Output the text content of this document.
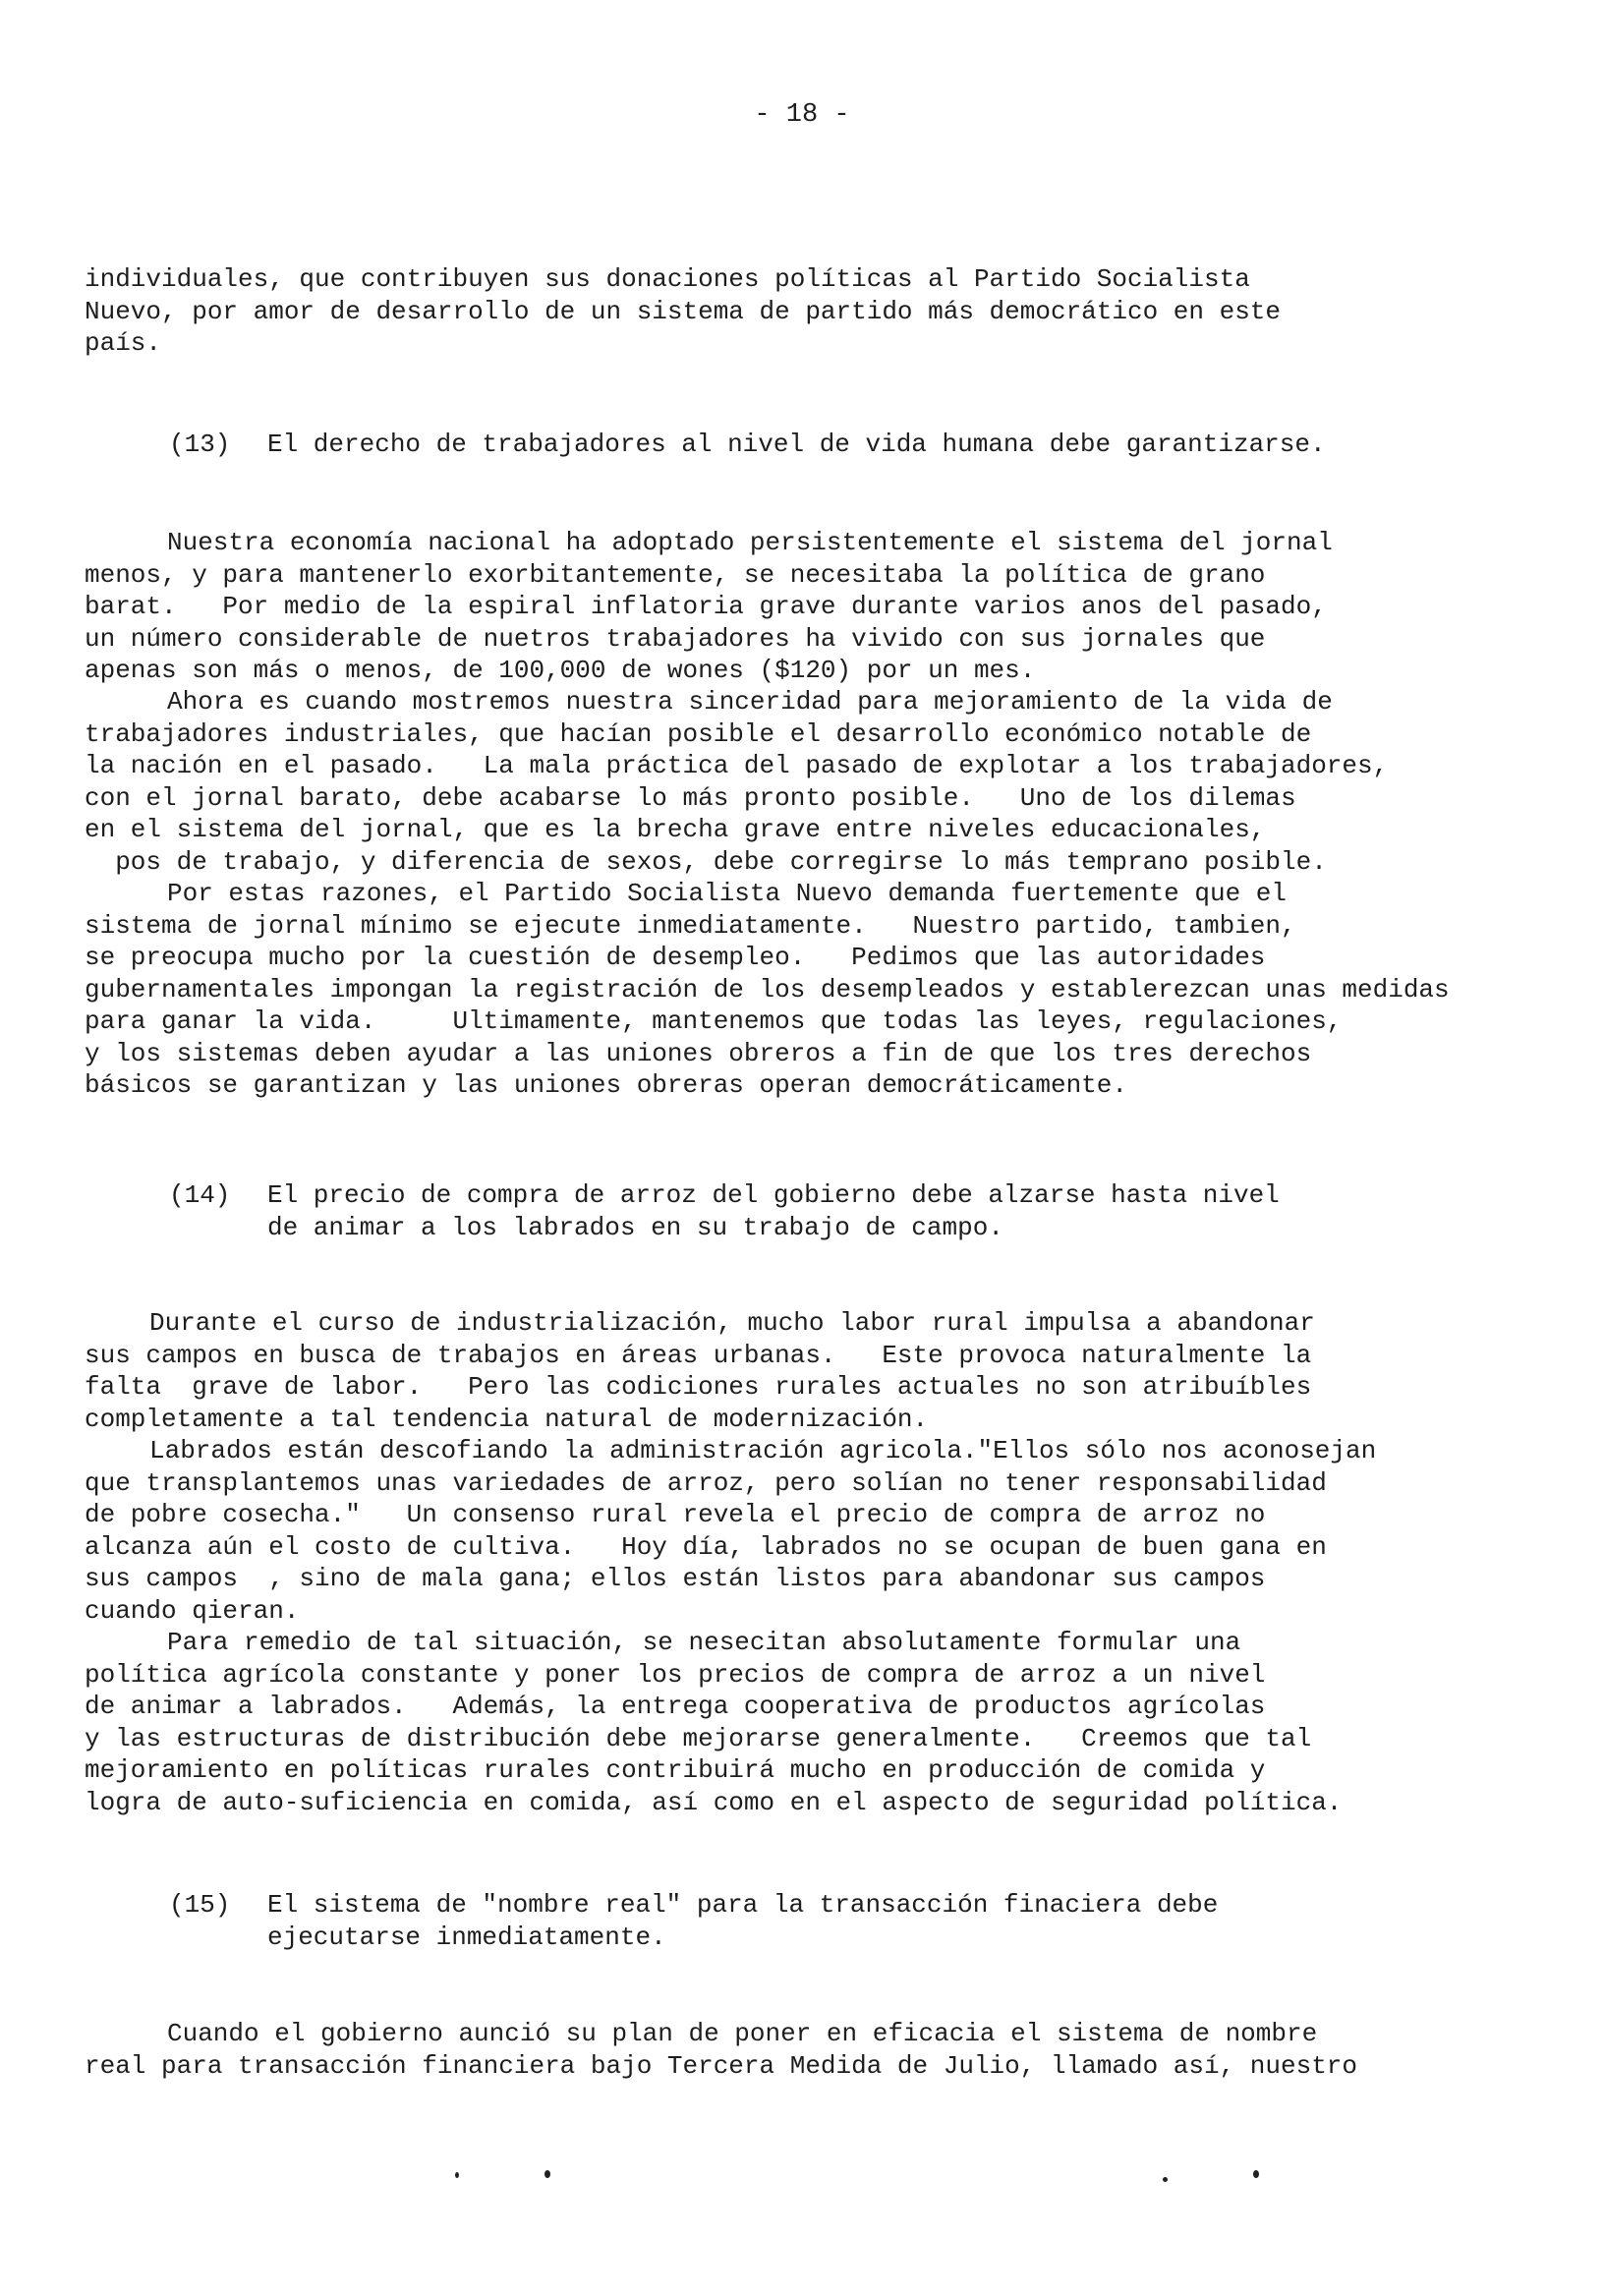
- 18 -
individuales, que contribuyen sus donaciones políticas al Partido Socialista
Nuevo, por amor de desarrollo de un sistema de partido más democrático en este
país.
(13) El derecho de trabajadores al nivel de vida humana debe garantizarse.
Nuestra economía nacional ha adoptado persistentemente el sistema del jornal
menos, y para mantenerlo exorbitantemente, se necesitaba la política de grano
barat.   Por medio de la espiral inflatoria grave durante varios anos del pasado,
un número considerable de nuetros trabajadores ha vivido con sus jornales que
apenas son más o menos, de 100,000 de wones ($120) por un mes.
Ahora es cuando mostremos nuestra sinceridad para mejoramiento de la vida de
trabajadores industriales, que hacían posible el desarrollo económico notable de
la nación en el pasado.   La mala práctica del pasado de explotar a los trabajadores,
con el jornal barato, debe acabarse lo más pronto posible.   Uno de los dilemas
en el sistema del jornal, que es la brecha grave entre niveles educacionales,
pos de trabajo, y diferencia de sexos, debe corregirse lo más temprano posible.
Por estas razones, el Partido Socialista Nuevo demanda fuertemente que el
sistema de jornal mínimo se ejecute inmediatamente.   Nuestro partido, tambien,
se preocupa mucho por la cuestión de desempleo.   Pedimos que las autoridades
gubernamentales impongan la registración de los desempleados y establerezcan unas medidas
para ganar la vida.     Ultimamente, mantenemos que todas las leyes, regulaciones,
y los sistemas deben ayudar a las uniones obreros a fin de que los tres derechos
básicos se garantizan y las uniones obreras operan democráticamente.
(14) El precio de compra de arroz del gobierno debe alzarse hasta nivel
de animar a los labrados en su trabajo de campo.
Durante el curso de industrialización, mucho labor rural impulsa a abandonar
sus campos en busca de trabajos en áreas urbanas.   Este provoca naturalmente la
falta  grave de labor.   Pero las codiciones rurales actuales no son atribuíbles
completamente a tal tendencia natural de modernización.
Labrados están descofiando la administración agricola."Ellos sólo nos aconosejan
que transplantemos unas variedades de arroz, pero solían no tener responsabilidad
de pobre cosecha."   Un consenso rural revela el precio de compra de arroz no
alcanza aún el costo de cultiva.   Hoy día, labrados no se ocupan de buen gana en
sus campos  , sino de mala gana; ellos están listos para abandonar sus campos
cuando qieran.
Para remedio de tal situación, se nesecitan absolutamente formular una
política agrícola constante y poner los precios de compra de arroz a un nivel
de animar a labrados.   Además, la entrega cooperativa de productos agrícolas
y las estructuras de distribución debe mejorarse generalmente.   Creemos que tal
mejoramiento en políticas rurales contribuirá mucho en producción de comida y
logra de auto-suficiencia en comida, así como en el aspecto de seguridad política.
(15) El sistema de "nombre real" para la transacción finaciera debe
ejecutarse inmediatamente.
Cuando el gobierno aunció su plan de poner en eficacia el sistema de nombre
real para transacción financiera bajo Tercera Medida de Julio, llamado así, nuestro
